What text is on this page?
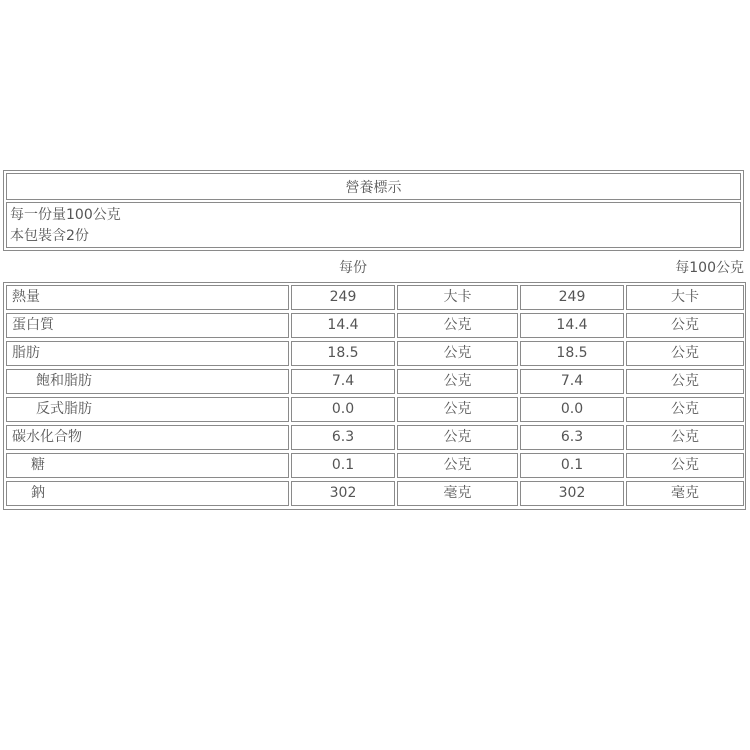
營養標示
每一份量100公克
本包裝含2份
每份	每100公克
熱量	249	大卡	249	大卡
蛋白質	14.4	公克	14.4	公克
脂肪	18.5	公克	18.5	公克
飽和脂肪	7.4	公克	7.4	公克
反式脂肪	0.0	公克	0.0	公克
碳水化合物	6.3	公克	6.3	公克
糖	0.1	公克	0.1	公克
鈉	302	毫克	302	毫克
